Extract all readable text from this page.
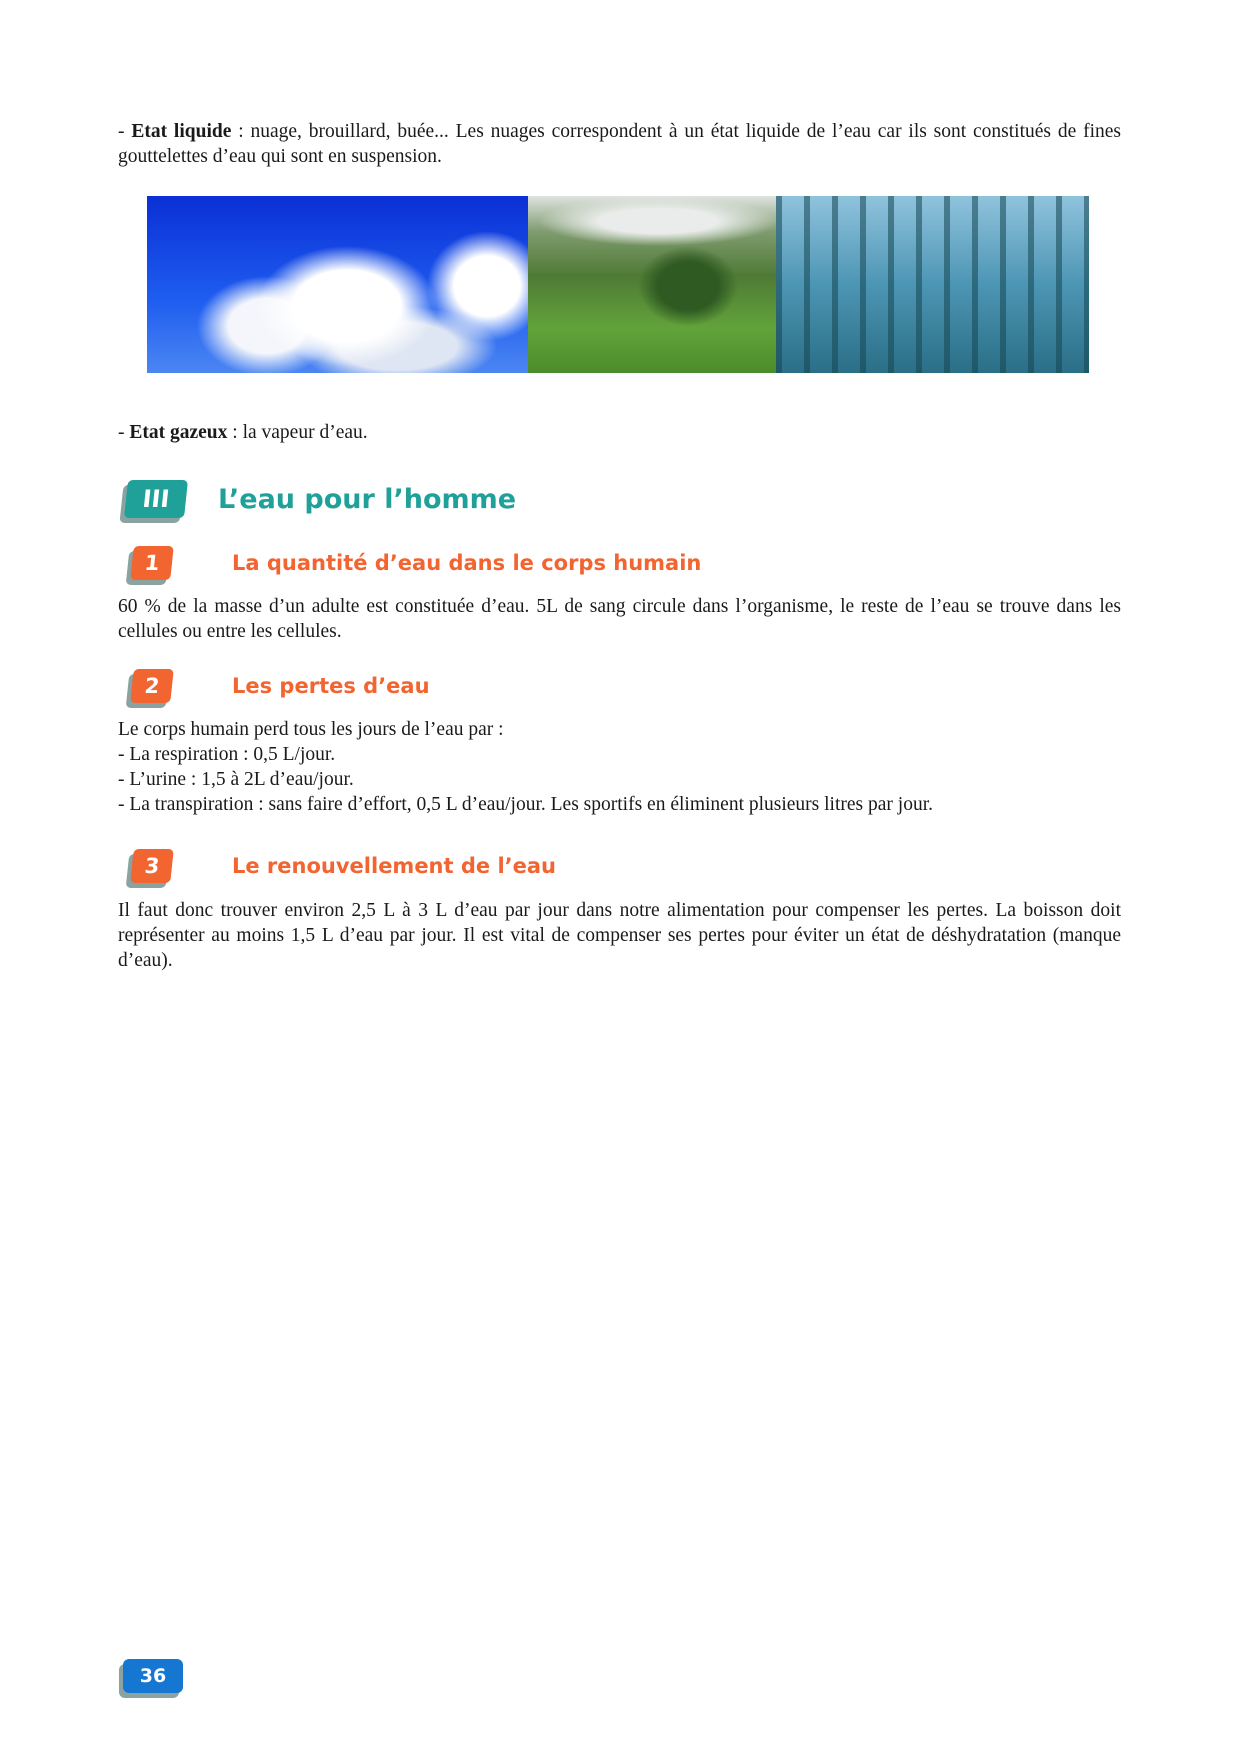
- Etat liquide : nuage, brouillard, buée... Les nuages correspondent à un état liquide de l’eau car ils sont constitués de fines gouttelettes d’eau qui sont en suspension.

- Etat gazeux : la vapeur d’eau.

III	L’eau pour l’homme
1	La quantité d’eau dans le corps humain

60 % de la masse d’un adulte est constituée d’eau. 5L de sang circule dans l’organisme, le reste de l’eau se trouve dans les cellules ou entre les cellules.

2	Les pertes d’eau
Le corps humain perd tous les jours de l’eau par :
- La respiration : 0,5 L/jour.
- L’urine : 1,5 à 2L d’eau/jour.
- La transpiration : sans faire d’effort, 0,5 L d’eau/jour. Les sportifs en éliminent plusieurs litres par jour.
3	Le renouvellement de l’eau

Il faut donc trouver environ 2,5 L à 3 L d’eau par jour dans notre alimentation pour compenser les pertes. La boisson doit représenter au moins 1,5 L d’eau par jour. Il est vital de compenser ses pertes pour éviter un état de déshydratation (manque d’eau).

36
